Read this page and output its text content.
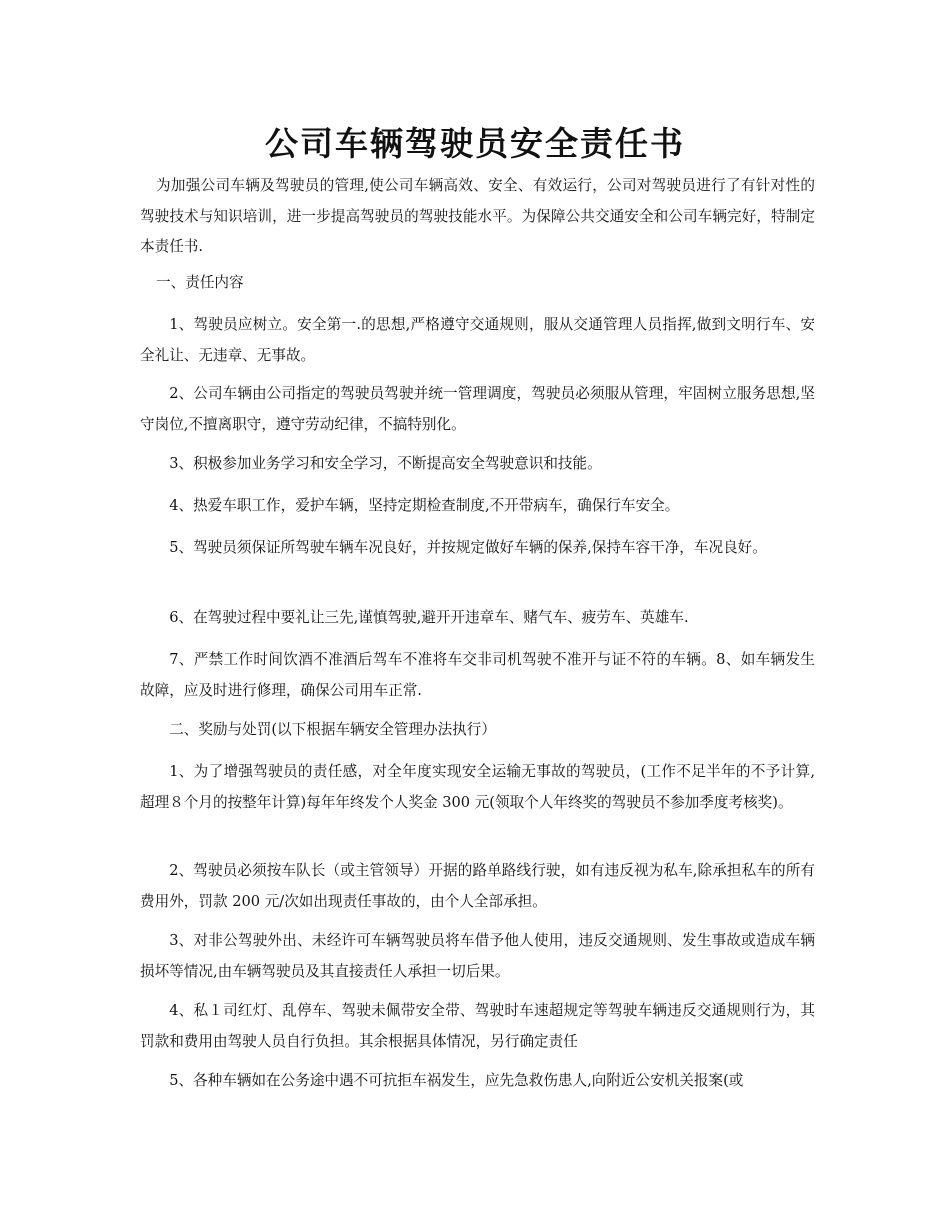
公司车辆驾驶员安全责任书

为加强公司车辆及驾驶员的管理,使公司车辆高效、安全、有效运行，公司对驾驶员进行了有针对性的驾驶技术与知识培训，进一步提高驾驶员的驾驶技能水平。为保障公共交通安全和公司车辆完好，特制定本责任书.

一、责任内容

1、驾驶员应树立。安全第一.的思想,严格遵守交通规则，服从交通管理人员指挥,做到文明行车、安全礼让、无违章、无事故。

2、公司车辆由公司指定的驾驶员驾驶并统一管理调度，驾驶员必须服从管理，牢固树立服务思想,坚守岗位,不擅离职守，遵守劳动纪律，不搞特别化。

3、积极参加业务学习和安全学习，不断提高安全驾驶意识和技能。

4、热爱车职工作，爱护车辆，坚持定期检查制度,不开带病车，确保行车安全。

5、驾驶员须保证所驾驶车辆车况良好，并按规定做好车辆的保养,保持车容干净，车况良好。

6、在驾驶过程中要礼让三先,谨慎驾驶,避开开违章车、赌气车、疲劳车、英雄车.

7、严禁工作时间饮酒不准酒后驾车不准将车交非司机驾驶不准开与证不符的车辆。8、如车辆发生故障，应及时进行修理，确保公司用车正常.

二、奖励与处罚(以下根据车辆安全管理办法执行）

1、为了增强驾驶员的责任感，对全年度实现安全运输无事故的驾驶员，(工作不足半年的不予计算,超理８个月的按整年计算)每年年终发个人奖金 300 元(领取个人年终奖的驾驶员不参加季度考核奖)。

2、驾驶员必须按车队长（或主管领导）开据的路单路线行驶，如有违反视为私车,除承担私车的所有费用外，罚款 200 元/次如出现责任事故的，由个人全部承担。

3、对非公驾驶外出、未经许可车辆驾驶员将车借予他人使用，违反交通规则、发生事故或造成车辆损坏等情况,由车辆驾驶员及其直接责任人承担一切后果。

4、私１司红灯、乱停车、驾驶未佩带安全带、驾驶时车速超规定等驾驶车辆违反交通规则行为，其罚款和费用由驾驶人员自行负担。其余根据具体情况，另行确定责任

5、各种车辆如在公务途中遇不可抗拒车祸发生，应先急救伤患人,向附近公安机关报案(或
